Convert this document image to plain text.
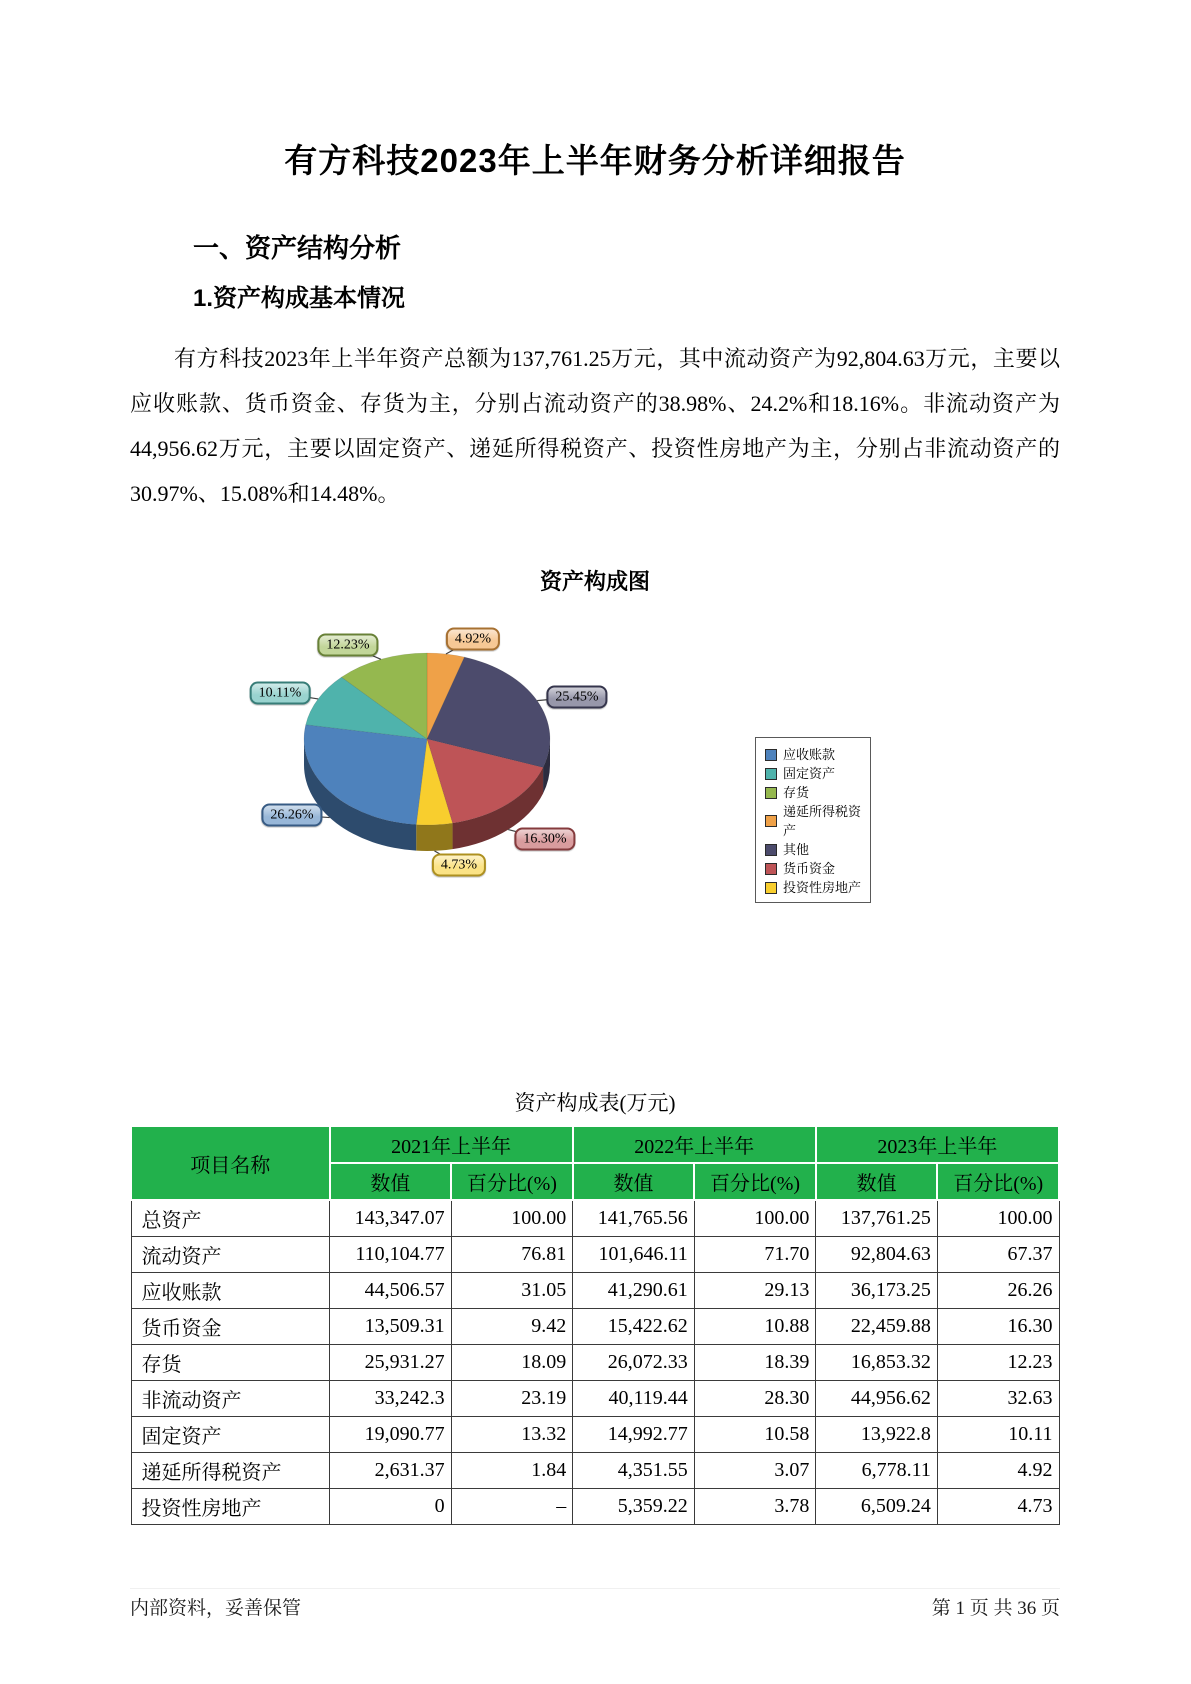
有方科技2023年上半年财务分析详细报告
一、资产结构分析
1.资产构成基本情况

有方科技2023年上半年资产总额为137,761.25万元，其中流动资产为92,804.63万元，主要以应收账款、货币资金、存货为主，分别占流动资产的38.98%、24.2%和18.16%。非流动资产为44,956.62万元，主要以固定资产、递延所得税资产、投资性房地产为主，分别占非流动资产的30.97%、15.08%和14.48%。

资产构成图
应收账款
固定资产
存货
递延所得税资产
其他
货币资金
投资性房地产
4.92%
25.45%
16.30%
4.73%
26.26%
10.11%
12.23%
资产构成表(万元)
项目名称	2021年上半年		2022年上半年		2023年上半年	
	数值	百分比(%)	数值	百分比(%)	数值	百分比(%)
总资产	143,347.07	100.00	141,765.56	100.00	137,761.25	100.00
流动资产	110,104.77	76.81	101,646.11	71.70	92,804.63	67.37
应收账款	44,506.57	31.05	41,290.61	29.13	36,173.25	26.26
货币资金	13,509.31	9.42	15,422.62	10.88	22,459.88	16.30
存货	25,931.27	18.09	26,072.33	18.39	16,853.32	12.23
非流动资产	33,242.3	23.19	40,119.44	28.30	44,956.62	32.63
固定资产	19,090.77	13.32	14,992.77	10.58	13,922.8	10.11
递延所得税资产	2,631.37	1.84	4,351.55	3.07	6,778.11	4.92
投资性房地产	0	–	5,359.22	3.78	6,509.24	4.73
内部资料，妥善保管	第 1 页 共 36 页
